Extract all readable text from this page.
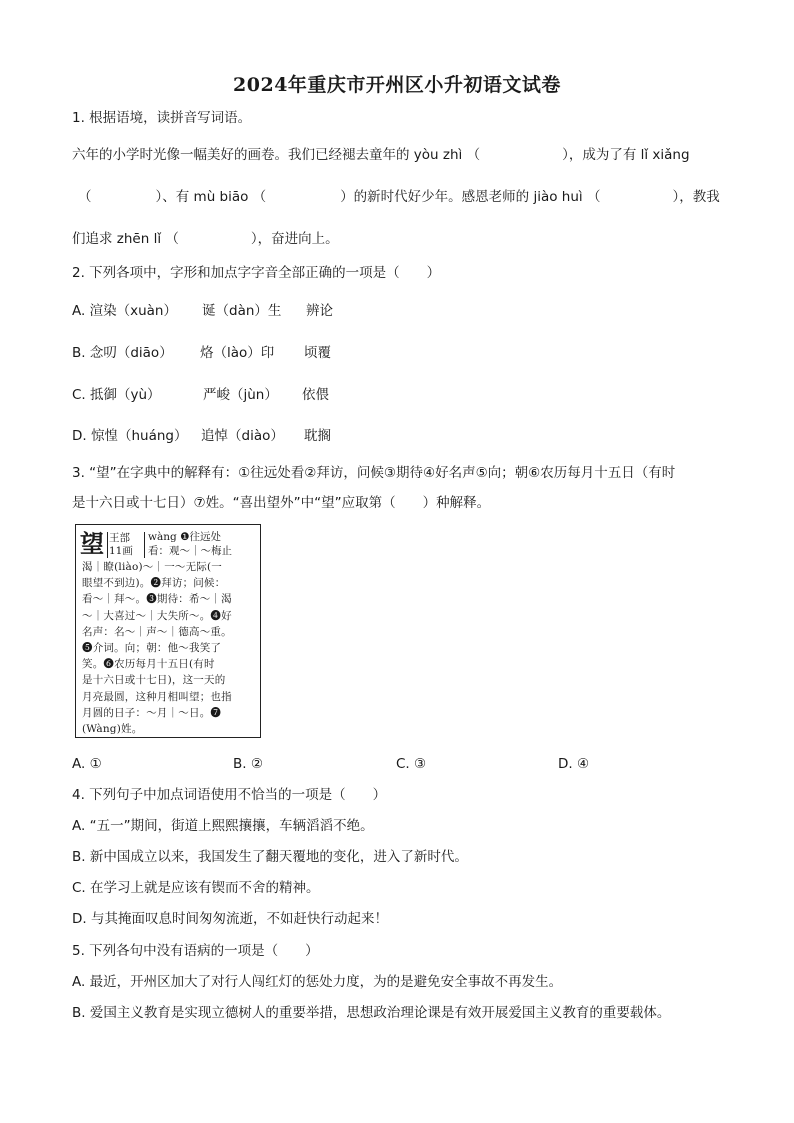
2024年重庆市开州区小升初语文试卷
1. 根据语境，读拼音写词语。
六年的小学时光像一幅美好的画卷。我们已经褪去童年的 yòu zhì （	），成为了有 lǐ xiǎng
（	）、有 mù biāo （	）的新时代好少年。感恩老师的 jiào huì （	），教我
们追求 zhēn lǐ （	），奋进向上。
2. 下列各项中，字形和加点字字音全部正确的一项是（　　）
A. 渲染（xuàn） 诞（dàn）生 辨论
B. 念叨（diāo） 烙（lào）印 顷覆
C. 抵御（yù）	严峻（jùn） 依偎
D. 惊惶（huáng） 追悼（diào） 耽搁
3. “望”在字典中的解释有：①往远处看②拜访，问候③期待④好名声⑤向；朝⑥农历每月十五日（有时
是十六日或十七日）⑦姓。“喜出望外”中“望”应取第（　　）种解释。
望 王部
11画
wàng ❶往远处
看：观～｜～梅止
渴｜瞭(liào)～｜一～无际(一
眼望不到边)。❷拜访；问候：
看～｜拜～。❸期待：希～｜渴
～｜大喜过～｜大失所～。❹好
名声：名～｜声～｜德高～重。
❺介词。向；朝：他～我笑了
笑。❻农历每月十五日(有时
是十六日或十七日)，这一天的
月亮最圆，这种月相叫望；也指
月圆的日子：～月｜～日。❼
(Wàng)姓。
A. ①	B. ②	C. ③	D. ④
4. 下列句子中加点词语使用不恰当的一项是（　　）
A. “五一”期间，街道上熙熙攘攘，车辆滔滔不绝。
B. 新中国成立以来，我国发生了翻天覆地的变化，进入了新时代。
C. 在学习上就是应该有锲而不舍的精神。
D. 与其掩面叹息时间匆匆流逝，不如赶快行动起来！
5. 下列各句中没有语病的一项是（　　）
A. 最近，开州区加大了对行人闯红灯的惩处力度，为的是避免安全事故不再发生。
B. 爱国主义教育是实现立德树人的重要举措，思想政治理论课是有效开展爱国主义教育的重要载体。
